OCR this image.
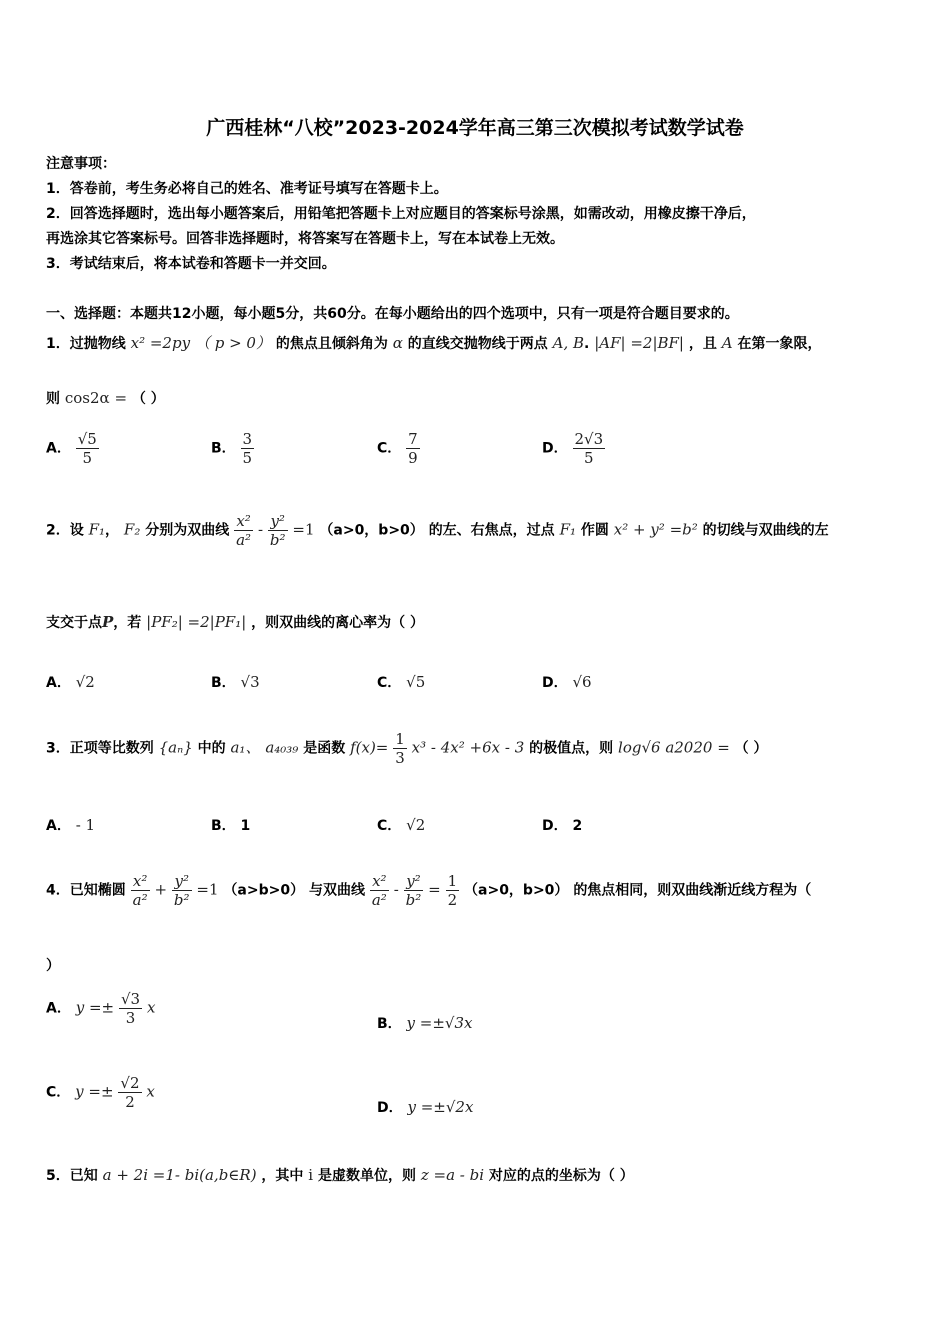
广西桂林“八校”2023-2024学年高三第三次模拟考试数学试卷
注意事项：
1．答卷前，考生务必将自己的姓名、准考证号填写在答题卡上。
2．回答选择题时，选出每小题答案后，用铅笔把答题卡上对应题目的答案标号涂黑，如需改动，用橡皮擦干净后，
再选涂其它答案标号。回答非选择题时，将答案写在答题卡上，写在本试卷上无效。
3．考试结束后，将本试卷和答题卡一并交回。
一、选择题：本题共12小题，每小题5分，共60分。在每小题给出的四个选项中，只有一项是符合题目要求的。
1．过抛物线 x² =2py （ p > 0） 的焦点且倾斜角为 α 的直线交抛物线于两点 A, B. |AF| =2|BF| ，且 A 在第一象限，
则 cos2α = （ ）
A． $\frac{√5}{5}$	B． $\frac{3}{5}$	C． $\frac{7}{9}$	D． $\frac{2√3}{5}$
2．设 F₁， F₂ 分别为双曲线 $\frac{\text{x²}}{\text{a²}} - \frac{\text{y²}}{\text{b²}} =1$ （a>0，b>0） 的左、右焦点，过点 F₁ 作圆 x² + y² =b² 的切线与双曲线的左
支交于点P，若 |PF₂| =2|PF₁| ，则双曲线的离心率为（ ）
A． √2	B． √3	C． √5	D． √6
3．正项等比数列 {aₙ} 中的 a₁、 a₄₀₃₉ 是函数 $f(x)= \frac{1}{3} x^3 - 4x^2 +6x - 3$ 的极值点，则 log√6 a2020 = （ ）
A． - 1	B． 1	C． √2	D． 2
4．已知椭圆 $\frac{\text{x²}}{\text{a²}} + \frac{\text{y²}}{\text{b²}} =1$ （a>b>0） 与双曲线 $\frac{\text{x²}}{\text{a²}} - \frac{\text{y²}}{\text{b²}} = \frac{1}{2} (a>0$，b>0） 的焦点相同，则双曲线渐近线方程为（
）
A． $y =\pm \frac{√3}{3}$ x
B． y =±√3x
C． $y =\pm \frac{√2}{2}$ x
D． y =±√2x
5．已知 a + 2i =1- bi(a,b∈R) ，其中 i 是虚数单位，则 z =a - bi 对应的点的坐标为（ ）
